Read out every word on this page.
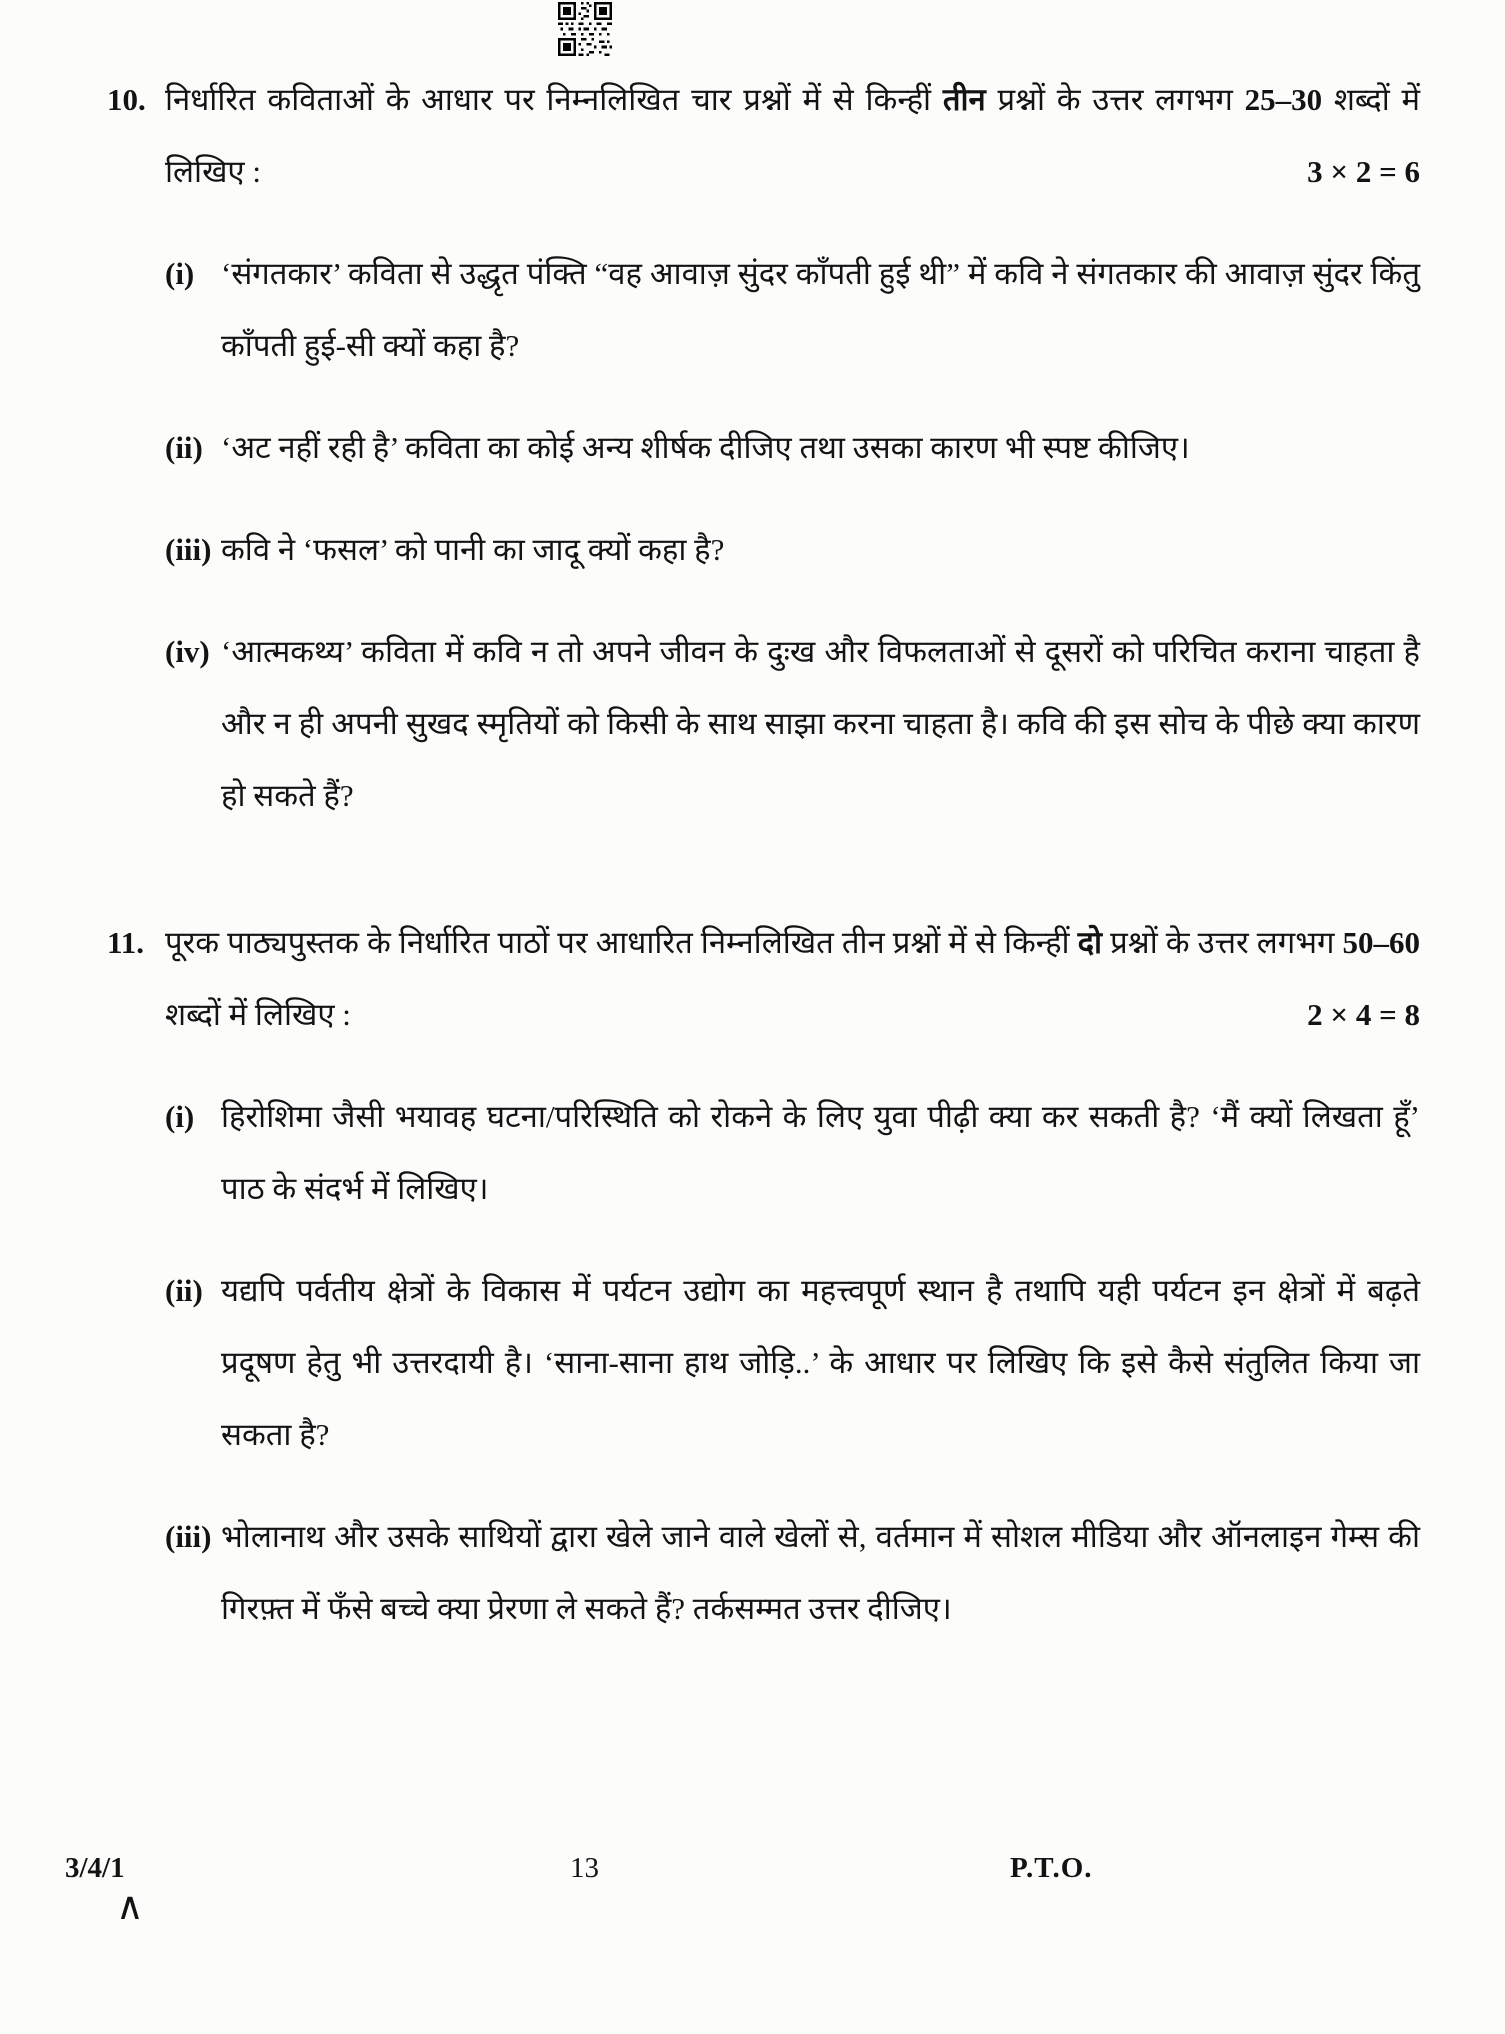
10. निर्धारित कविताओं के आधार पर निम्नलिखित चार प्रश्नों में से किन्हीं तीन प्रश्नों के उत्तर लगभग 25–30 शब्दों में लिखिए :	3 × 2 = 6
(i) ‘संगतकार’ कविता से उद्धृत पंक्ति “वह आवाज़ सुंदर काँपती हुई थी” में कवि ने संगतकार की आवाज़ सुंदर किंतु काँपती हुई-सी क्यों कहा है?

(ii) ‘अट नहीं रही है’ कविता का कोई अन्य शीर्षक दीजिए तथा उसका कारण भी स्पष्ट कीजिए।

(iii) कवि ने ‘फसल’ को पानी का जादू क्यों कहा है?

(iv) ‘आत्मकथ्य’ कविता में कवि न तो अपने जीवन के दुःख और विफलताओं से दूसरों को परिचित कराना चाहता है और न ही अपनी सुखद स्मृतियों को किसी के साथ साझा करना चाहता है। कवि की इस सोच के पीछे क्या कारण हो सकते हैं?

11. पूरक पाठ्यपुस्तक के निर्धारित पाठों पर आधारित निम्नलिखित तीन प्रश्नों में से किन्हीं दो प्रश्नों के उत्तर लगभग 50–60 शब्दों में लिखिए :	2 × 4 = 8
(i) हिरोशिमा जैसी भयावह घटना/परिस्थिति को रोकने के लिए युवा पीढ़ी क्या कर सकती है? ‘मैं क्यों लिखता हूँ’ पाठ के संदर्भ में लिखिए।

(ii) यद्यपि पर्वतीय क्षेत्रों के विकास में पर्यटन उद्योग का महत्त्वपूर्ण स्थान है तथापि यही पर्यटन इन क्षेत्रों में बढ़ते प्रदूषण हेतु भी उत्तरदायी है। ‘साना-साना हाथ जोड़ि..’ के आधार पर लिखिए कि इसे कैसे संतुलित किया जा सकता है?

(iii) भोलानाथ और उसके साथियों द्वारा खेले जाने वाले खेलों से, वर्तमान में सोशल मीडिया और ऑनलाइन गेम्स की गिरफ़्त में फँसे बच्चे क्या प्रेरणा ले सकते हैं? तर्कसम्मत उत्तर दीजिए।

3/4/1	13	P.T.O.
∧
